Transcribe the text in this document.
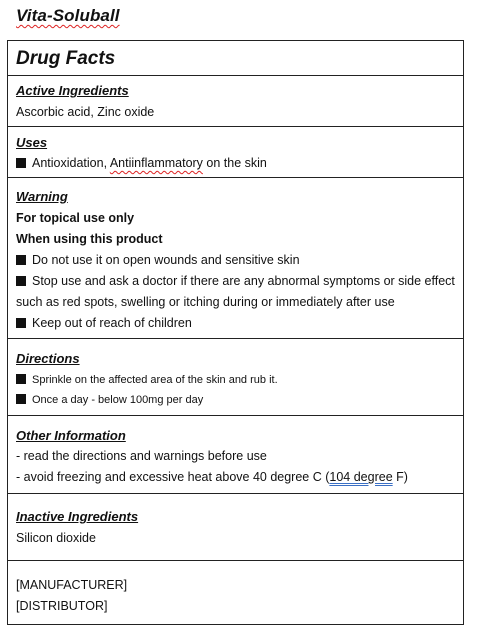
Vita-Soluball
Drug Facts
Active Ingredients
Ascorbic acid, Zinc oxide
Uses
Antioxidation, Antiinflammatory on the skin
Warning
For topical use only
When using this product
Do not use it on open wounds and sensitive skin
Stop use and ask a doctor if there are any abnormal symptoms or side effect
such as red spots, swelling or itching during or immediately after use
Keep out of reach of children
Directions
Sprinkle on the affected area of the skin and rub it.
Once a day - below 100mg per day
Other Information
- read the directions and warnings before use
- avoid freezing and excessive heat above 40 degree C (104 degree F)
Inactive Ingredients
Silicon dioxide
[MANUFACTURER]
[DISTRIBUTOR]
